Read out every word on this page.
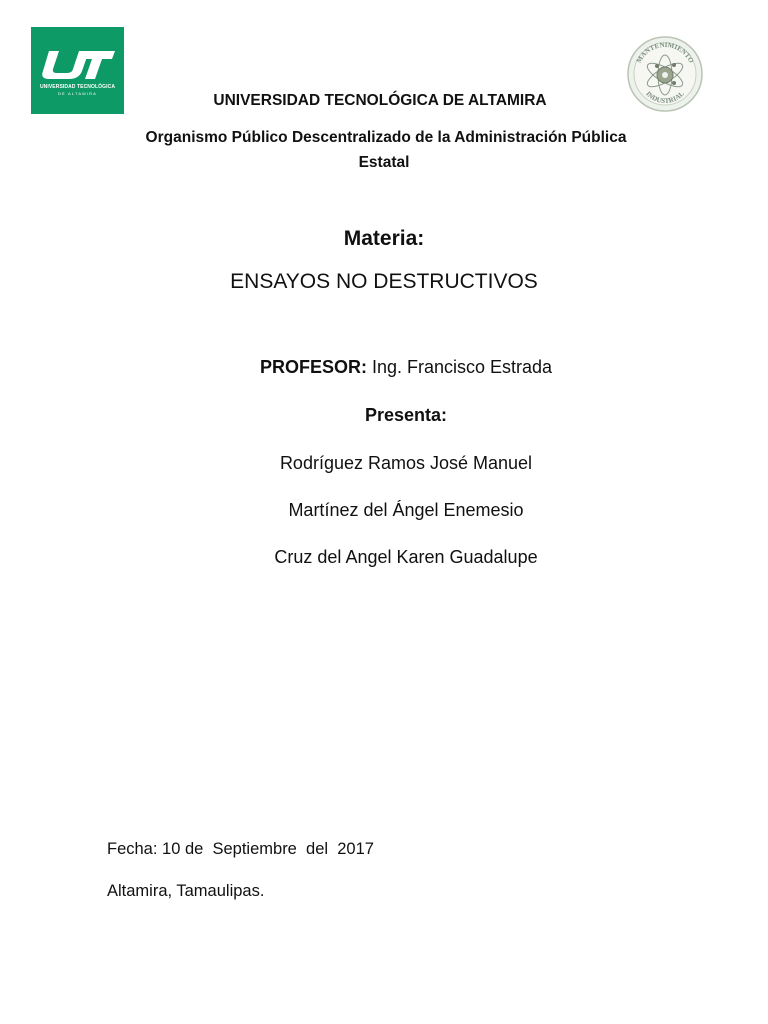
UNIVERSIDAD TECNOLÓGICA
DE ALTAMIRA
MANTENIMIENTO
INDUSTRIAL
UNIVERSIDAD TECNOLÓGICA DE ALTAMIRA
Organismo Público Descentralizado de la Administración Pública
Estatal
Materia:
ENSAYOS NO DESTRUCTIVOS
PROFESOR: Ing. Francisco Estrada
Presenta:
Rodríguez Ramos José Manuel
Martínez del Ángel Enemesio
Cruz del Angel Karen Guadalupe
Fecha: 10 de  Septiembre  del  2017
Altamira, Tamaulipas.
